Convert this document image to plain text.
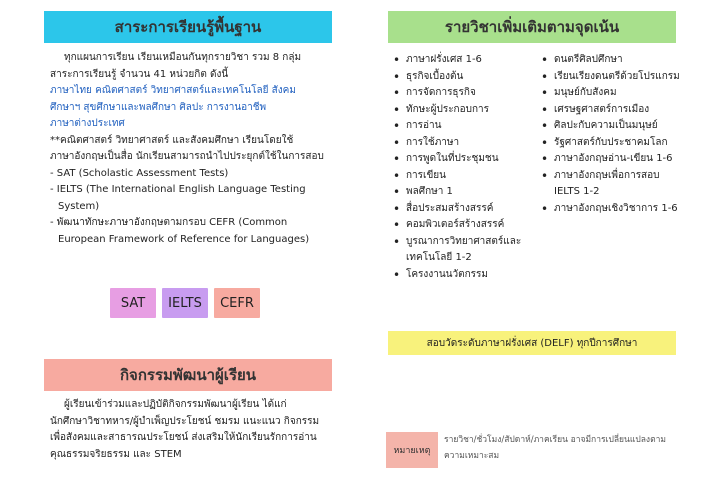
สาระการเรียนรู้พื้นฐาน

ทุกแผนการเรียน เรียนเหมือนกันทุกรายวิชา รวม 8 กลุ่ม

สาระการเรียนรู้ จำนวน 41 หน่วยกิต ดังนี้

ภาษาไทย คณิตศาสตร์ วิทยาศาสตร์และเทคโนโลยี สังคม

ศึกษาฯ สุขศึกษาและพลศึกษา ศิลปะ การงานอาชีพ

ภาษาต่างประเทศ

**คณิตศาสตร์ วิทยาศาสตร์ และสังคมศึกษา เรียนโดยใช้

ภาษาอังกฤษเป็นสื่อ นักเรียนสามารถนำไปประยุกต์ใช้ในการสอบ

- SAT (Scholastic Assessment Tests)

- IELTS (The International English Language Testing

System)

- พัฒนาทักษะภาษาอังกฤษตามกรอบ CEFR (Common

European Framework of Reference for Languages)

SAT IELTS CEFR
กิจกรรมพัฒนาผู้เรียน

ผู้เรียนเข้าร่วมและปฏิบัติกิจกรรมพัฒนาผู้เรียน ได้แก่

นักศึกษาวิชาทหาร/ผู้บำเพ็ญประโยชน์ ชมรม แนะแนว กิจกรรม

เพื่อสังคมและสาธารณประโยชน์ ส่งเสริมให้นักเรียนรักการอ่าน

คุณธรรมจริยธรรม และ STEM

รายวิชาเพิ่มเติมตามจุดเน้น
• ภาษาฝรั่งเศส 1-6
• ธุรกิจเบื้องต้น
• การจัดการธุรกิจ
• ทักษะผู้ประกอบการ
• การอ่าน
• การใช้ภาษา
• การพูดในที่ประชุมชน
• การเขียน
• พลศึกษา 1
• สื่อประสมสร้างสรรค์
• คอมพิวเตอร์สร้างสรรค์
• บูรณาการวิทยาศาสตร์และเทคโนโลยี 1-2
• โครงงานนวัตกรรม
• ดนตรีศิลปศึกษา
• เรียนเรียงดนตรีด้วยโปรแกรม
• มนุษย์กับสังคม
• เศรษฐศาสตร์การเมือง
• ศิลปะกับความเป็นมนุษย์
• รัฐศาสตร์กับประชาคมโลก
• ภาษาอังกฤษอ่าน-เขียน 1-6
• ภาษาอังกฤษเพื่อการสอบ IELTS 1-2
• ภาษาอังกฤษเชิงวิชาการ 1-6
สอบวัดระดับภาษาฝรั่งเศส (DELF) ทุกปีการศึกษา
หมายเหตุ

รายวิชา/ชั่วโมง/สัปดาห์/ภาคเรียน อาจมีการเปลี่ยนแปลงตาม

ความเหมาะสม
